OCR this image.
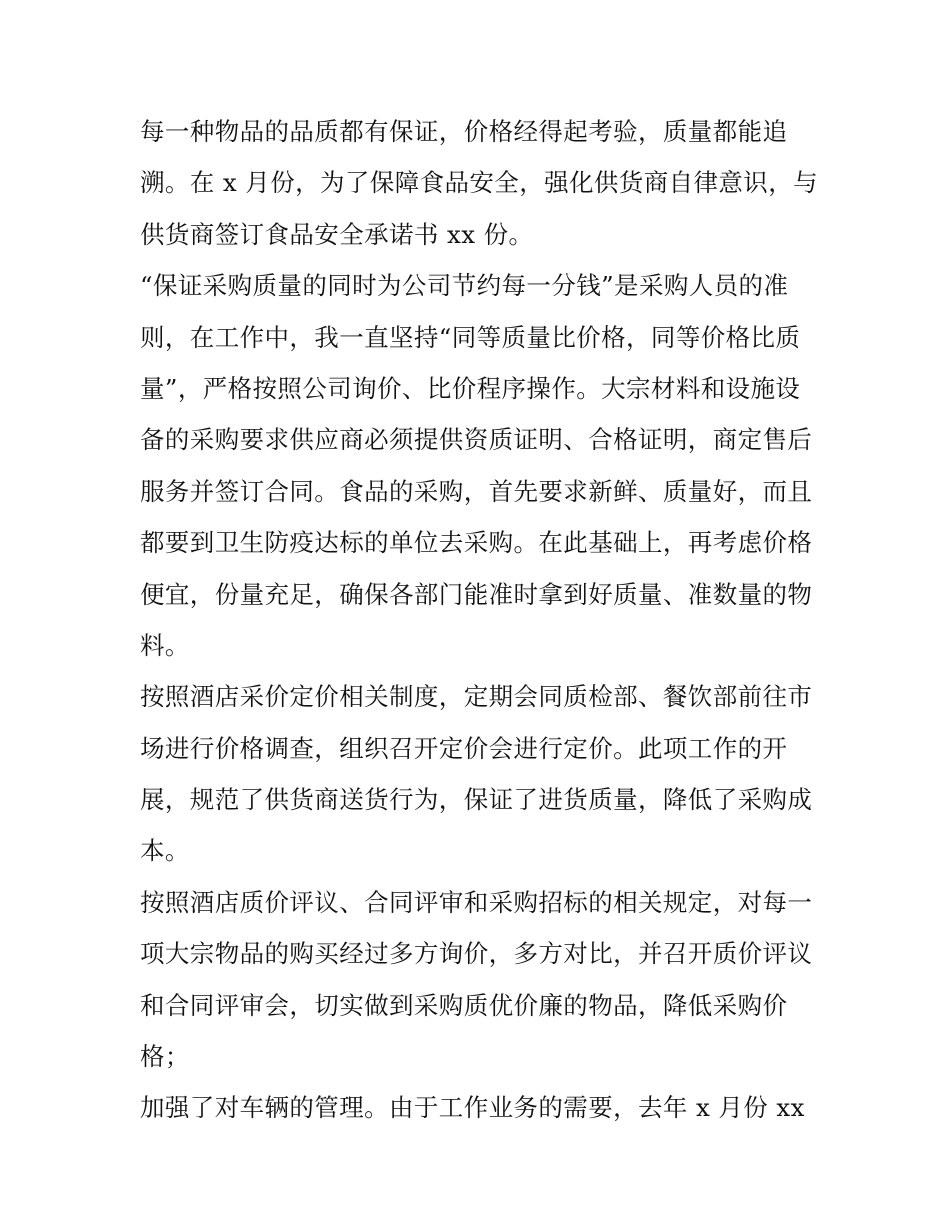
每一种物品的品质都有保证，价格经得起考验，质量都能追
溯。在 x 月份，为了保障食品安全，强化供货商自律意识，与
供货商签订食品安全承诺书 xx 份。
“保证采购质量的同时为公司节约每一分钱”是采购人员的准
则，在工作中，我一直坚持“同等质量比价格，同等价格比质
量”，严格按照公司询价、比价程序操作。大宗材料和设施设
备的采购要求供应商必须提供资质证明、合格证明，商定售后
服务并签订合同。食品的采购，首先要求新鲜、质量好，而且
都要到卫生防疫达标的单位去采购。在此基础上，再考虑价格
便宜，份量充足，确保各部门能准时拿到好质量、准数量的物
料。
按照酒店采价定价相关制度，定期会同质检部、餐饮部前往市
场进行价格调查，组织召开定价会进行定价。此项工作的开
展，规范了供货商送货行为，保证了进货质量，降低了采购成
本。
按照酒店质价评议、合同评审和采购招标的相关规定，对每一
项大宗物品的购买经过多方询价，多方对比，并召开质价评议
和合同评审会，切实做到采购质优价廉的物品，降低采购价
格；
加强了对车辆的管理。由于工作业务的需要，去年 x 月份 xx
